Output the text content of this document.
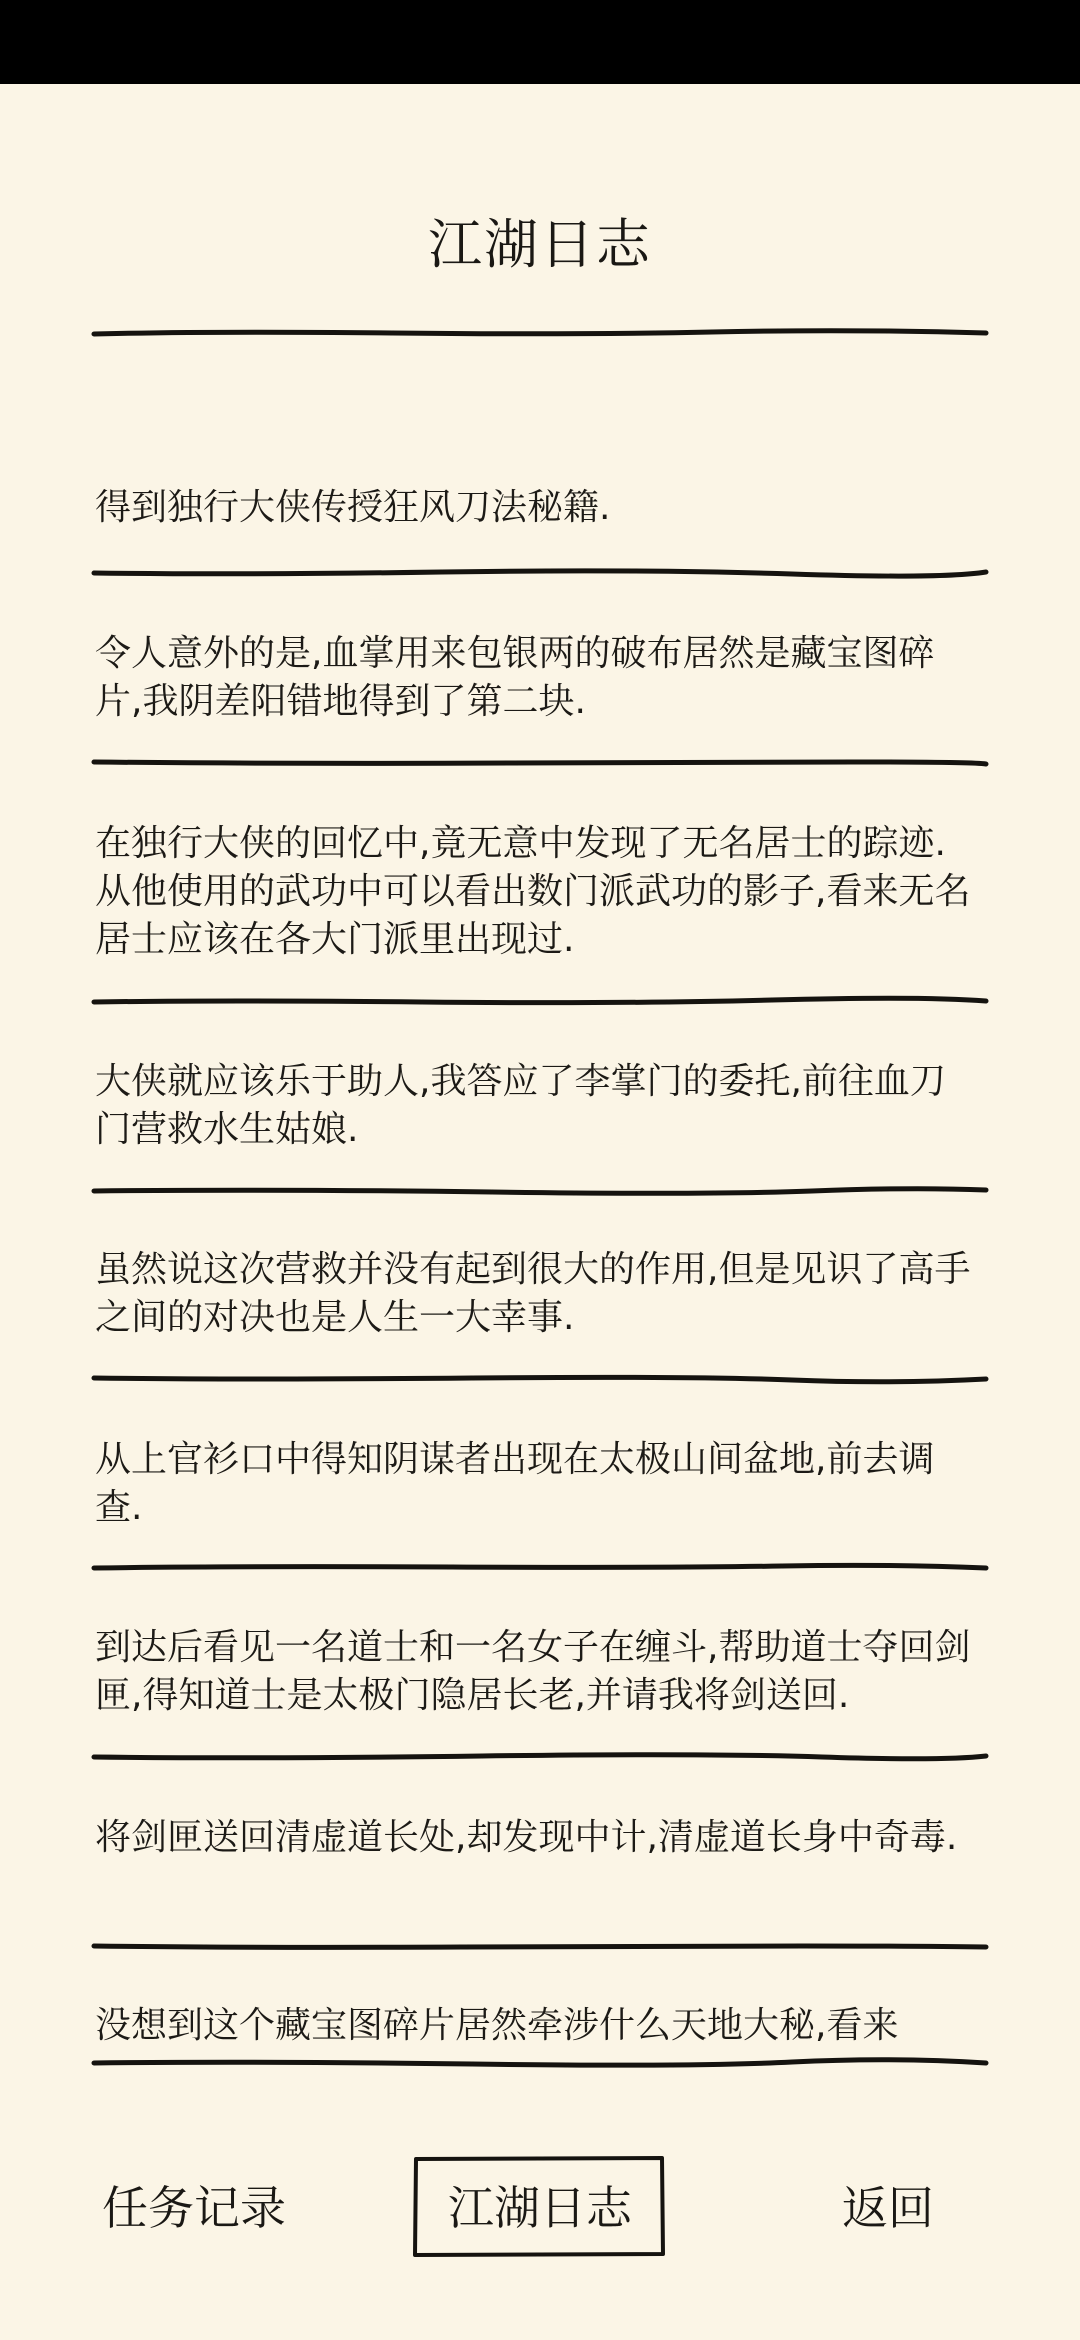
江湖日志
得到独行大侠传授狂风刀法秘籍.
令人意外的是,血掌用来包银两的破布居然是藏宝图碎片,我阴差阳错地得到了第二块.
在独行大侠的回忆中,竟无意中发现了无名居士的踪迹.从他使用的武功中可以看出数门派武功的影子,看来无名居士应该在各大门派里出现过.
大侠就应该乐于助人,我答应了李掌门的委托,前往血刀门营救水生姑娘.
虽然说这次营救并没有起到很大的作用,但是见识了高手之间的对决也是人生一大幸事.
从上官衫口中得知阴谋者出现在太极山间盆地,前去调查.
到达后看见一名道士和一名女子在缠斗,帮助道士夺回剑匣,得知道士是太极门隐居长老,并请我将剑送回.
将剑匣送回清虚道长处,却发现中计,清虚道长身中奇毒.
没想到这个藏宝图碎片居然牵涉什么天地大秘,看来
任务记录	江湖日志	返回
